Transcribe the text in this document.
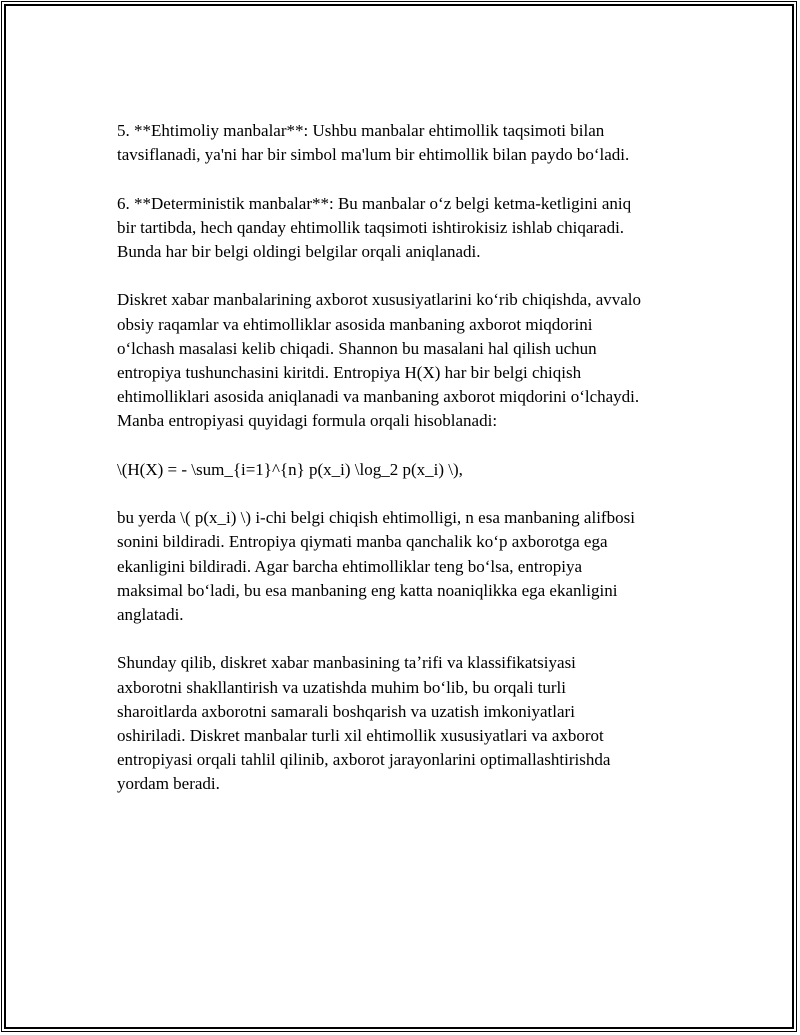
5. **Ehtimoliy manbalar**: Ushbu manbalar ehtimollik taqsimoti bilan
tavsiflanadi, ya'ni har bir simbol ma'lum bir ehtimollik bilan paydo boʻladi.

6. **Deterministik manbalar**: Bu manbalar oʻz belgi ketma-ketligini aniq
bir tartibda, hech qanday ehtimollik taqsimoti ishtirokisiz ishlab chiqaradi.
Bunda har bir belgi oldingi belgilar orqali aniqlanadi.

Diskret xabar manbalarining axborot xususiyatlarini koʻrib chiqishda, avvalo
obsiy raqamlar va ehtimolliklar asosida manbaning axborot miqdorini
oʻlchash masalasi kelib chiqadi. Shannon bu masalani hal qilish uchun
entropiya tushunchasini kiritdi. Entropiya H(X) har bir belgi chiqish
ehtimolliklari asosida aniqlanadi va manbaning axborot miqdorini oʻlchaydi.
Manba entropiyasi quyidagi formula orqali hisoblanadi:

\(H(X) = - \sum_{i=1}^{n} p(x_i) \log_2 p(x_i) \),

bu yerda \( p(x_i) \) i-chi belgi chiqish ehtimolligi, n esa manbaning alifbosi
sonini bildiradi. Entropiya qiymati manba qanchalik koʻp axborotga ega
ekanligini bildiradi. Agar barcha ehtimolliklar teng boʻlsa, entropiya
maksimal boʻladi, bu esa manbaning eng katta noaniqlikka ega ekanligini
anglatadi.

Shunday qilib, diskret xabar manbasining taʼrifi va klassifikatsiyasi
axborotni shakllantirish va uzatishda muhim boʻlib, bu orqali turli
sharoitlarda axborotni samarali boshqarish va uzatish imkoniyatlari
oshiriladi. Diskret manbalar turli xil ehtimollik xususiyatlari va axborot
entropiyasi orqali tahlil qilinib, axborot jarayonlarini optimallashtirishda
yordam beradi.
